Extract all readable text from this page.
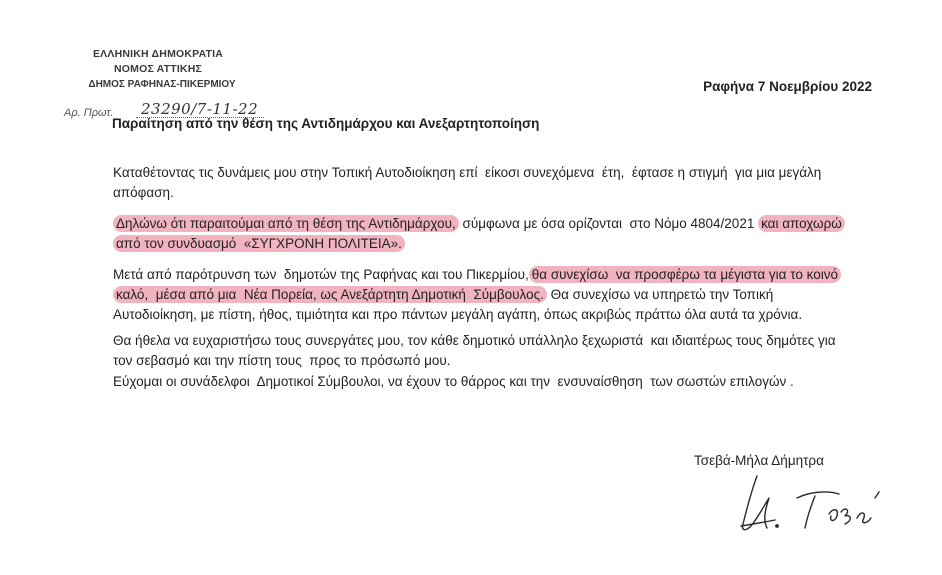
ΕΛΛΗΝΙΚΗ ΔΗΜΟΚΡΑΤΙΑ
ΝΟΜΟΣ ΑΤΤΙΚΗΣ
ΔΗΜΟΣ ΡΑΦΗΝΑΣ-ΠΙΚΕΡΜΙΟΥ
Αρ. Πρωτ. 23290/7-11-22
Ραφήνα 7 Νοεμβρίου 2022
Παραίτηση από την θέση της Αντιδημάρχου και Ανεξαρτητοποίηση
Καταθέτοντας τις δυνάμεις μου στην Τοπική Αυτοδιοίκηση επί  είκοσι συνεχόμενα  έτη,  έφτασε η στιγμή  για μια μεγάλη
απόφαση.
Δηλώνω ότι παραιτούμαι από τη θέση της Αντιδημάρχου, σύμφωνα με όσα ορίζονται  στο Νόμο 4804/2021 και αποχωρώ
από τον συνδυασμό  «ΣΥΓΧΡΟΝΗ ΠΟΛΙΤΕΙΑ».
Μετά από παρότρυνση των  δημοτών της Ραφήνας και του Πικερμίου, θα συνεχίσω  να προσφέρω τα μέγιστα για το κοινό
καλό,  μέσα από μια  Νέα Πορεία, ως Ανεξάρτητη Δημοτική  Σύμβουλος. Θα συνεχίσω να υπηρετώ την Τοπική
Αυτοδιοίκηση, με πίστη, ήθος, τιμιότητα και προ πάντων μεγάλη αγάπη, όπως ακριβώς πράττω όλα αυτά τα χρόνια.
Θα ήθελα να ευχαριστήσω τους συνεργάτες μου, τον κάθε δημοτικό υπάλληλο ξεχωριστά  και ιδιαιτέρως τους δημότες για
τον σεβασμό και την πίστη τους  προς το πρόσωπό μου.
Εύχομαι οι συνάδελφοι  Δημοτικοί Σύμβουλοι, να έχουν το θάρρος και την  ενσυναίσθηση  των σωστών επιλογών .
Τσεβά-Μήλα Δήμητρα
